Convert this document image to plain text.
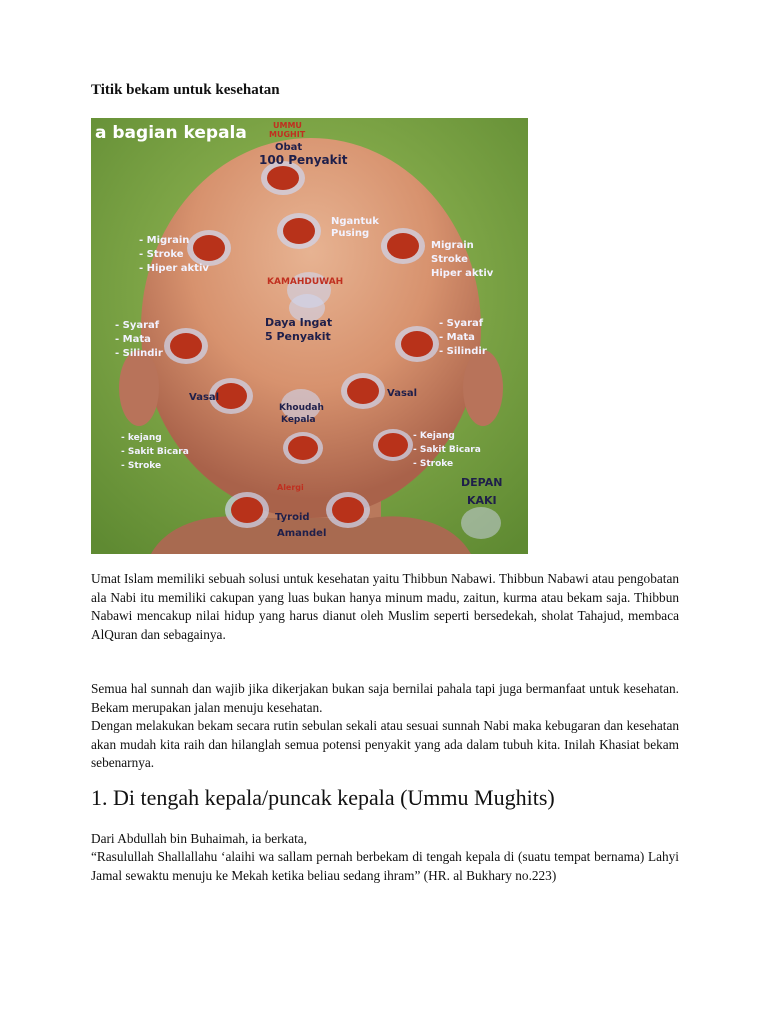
Titik bekam untuk kesehatan
a bagian kepala	UMMU
MUGHIT
Obat
100 Penyakit
Ngantuk
Pusing
- Migrain
- Stroke
- Hiper aktiv
Migrain
Stroke
Hiper aktiv
KAMAHDUWAH
Daya Ingat
5 Penyakit
- Syaraf
- Mata
- Silindir
- Syaraf
- Mata
- Silindir
Vasal	Vasal
Khoudah
Kepala
- kejang
- Sakit Bicara
- Stroke
- Kejang
- Sakit Bicara
- Stroke
DEPAN
KAKI
Alergi
Tyroid
Amandel

Umat Islam memiliki sebuah solusi untuk kesehatan yaitu Thibbun Nabawi. Thibbun Nabawi atau pengobatan ala Nabi itu memiliki cakupan yang luas bukan hanya minum madu, zaitun, kurma atau bekam saja. Thibbun Nabawi mencakup nilai hidup yang harus dianut oleh Muslim seperti bersedekah, sholat Tahajud, membaca AlQuran dan sebagainya.

Semua hal sunnah dan wajib jika dikerjakan bukan saja bernilai pahala tapi juga bermanfaat untuk kesehatan. Bekam merupakan jalan menuju kesehatan.
Dengan melakukan bekam secara rutin sebulan sekali atau sesuai sunnah Nabi maka kebugaran dan kesehatan akan mudah kita raih dan hilanglah semua potensi penyakit yang ada dalam tubuh kita. Inilah Khasiat bekam sebenarnya.
1. Di tengah kepala/puncak kepala (Ummu Mughits)

Dari Abdullah bin Buhaimah, ia berkata,

“Rasulullah Shallallahu ‘alaihi wa sallam pernah berbekam di tengah kepala di (suatu tempat bernama) Lahyi Jamal sewaktu menuju ke Mekah ketika beliau sedang ihram” (HR. al Bukhary no.223)
